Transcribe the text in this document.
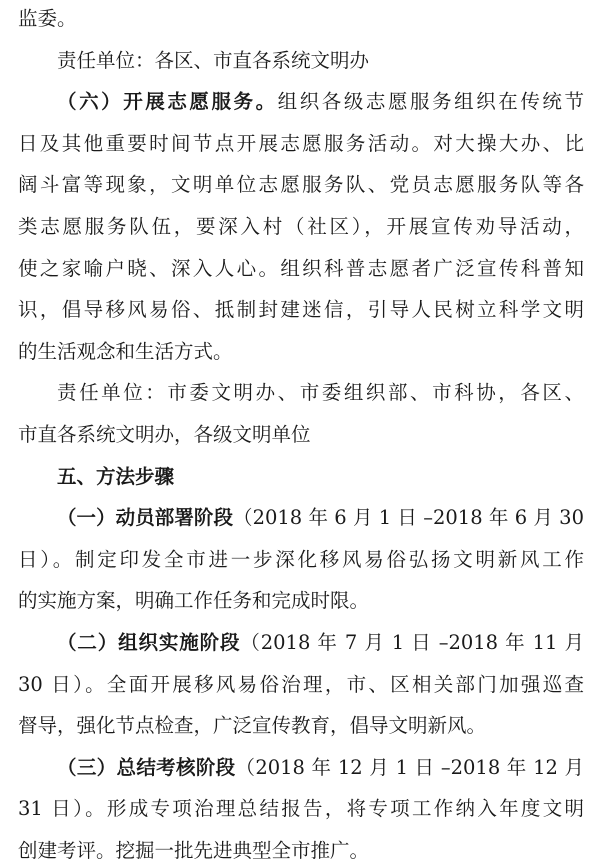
监委。
责任单位：各区、市直各系统文明办
（六）开展志愿服务。组织各级志愿服务组织在传统节
日及其他重要时间节点开展志愿服务活动。对大操大办、比
阔斗富等现象，文明单位志愿服务队、党员志愿服务队等各
类志愿服务队伍，要深入村（社区），开展宣传劝导活动，
使之家喻户晓、深入人心。组织科普志愿者广泛宣传科普知
识，倡导移风易俗、抵制封建迷信，引导人民树立科学文明
的生活观念和生活方式。
责任单位：市委文明办、市委组织部、市科协，各区、
市直各系统文明办，各级文明单位
五、方法步骤
（一）动员部署阶段（2018 年 6 月 1 日 –2018 年 6 月 30
日）。制定印发全市进一步深化移风易俗弘扬文明新风工作
的实施方案，明确工作任务和完成时限。
（二）组织实施阶段（2018 年 7 月 1 日 –2018 年 11 月
30 日）。全面开展移风易俗治理，市、区相关部门加强巡查
督导，强化节点检查，广泛宣传教育，倡导文明新风。
（三）总结考核阶段（2018 年 12 月 1 日 –2018 年 12 月
31 日）。形成专项治理总结报告，将专项工作纳入年度文明
创建考评。挖掘一批先进典型全市推广。
